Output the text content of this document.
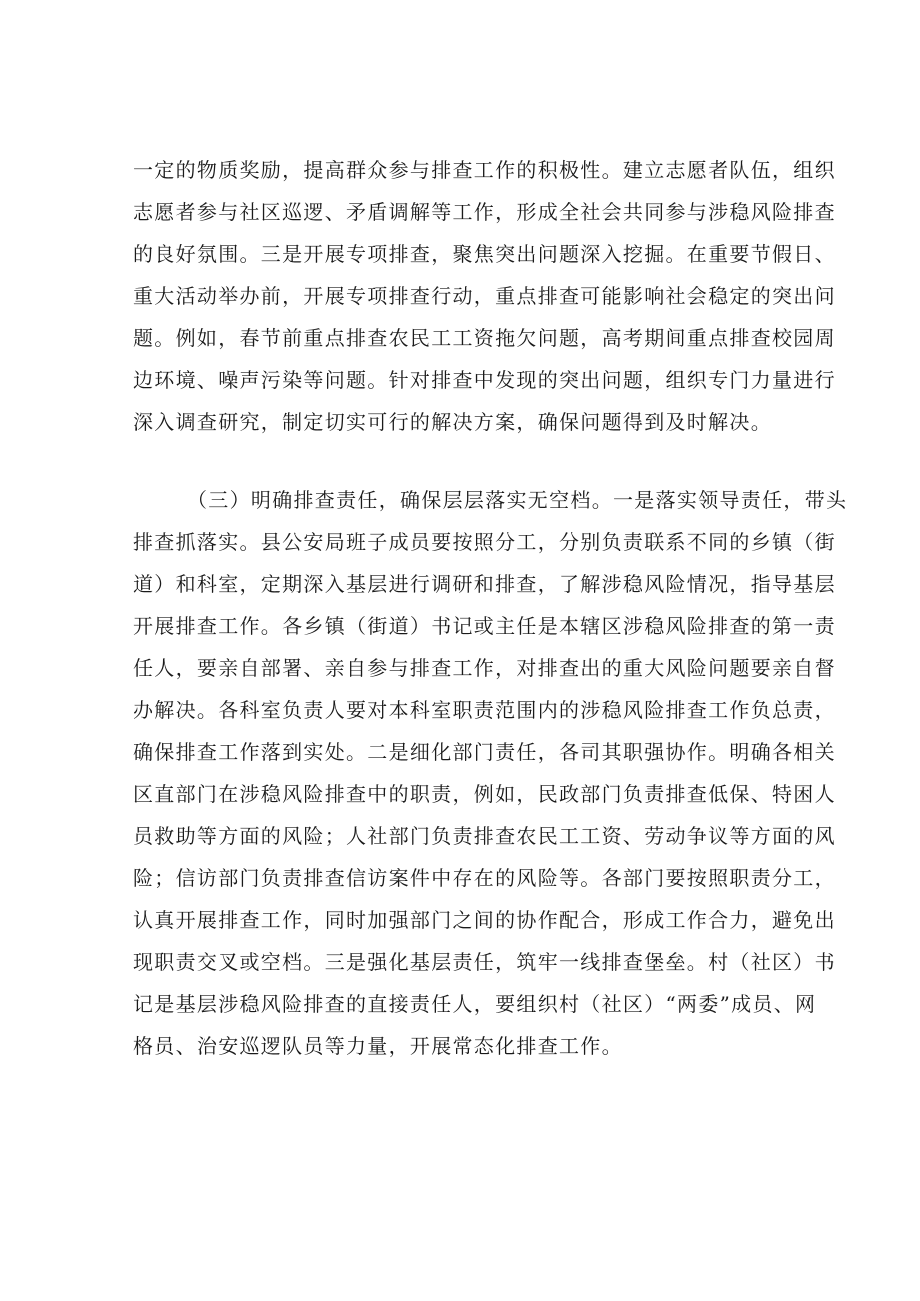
一定的物质奖励，提高群众参与排查工作的积极性。建立志愿者队伍，组织
志愿者参与社区巡逻、矛盾调解等工作，形成全社会共同参与涉稳风险排查
的良好氛围。三是开展专项排查，聚焦突出问题深入挖掘。在重要节假日、
重大活动举办前，开展专项排查行动，重点排查可能影响社会稳定的突出问
题。例如，春节前重点排查农民工工资拖欠问题，高考期间重点排查校园周
边环境、噪声污染等问题。针对排查中发现的突出问题，组织专门力量进行
深入调查研究，制定切实可行的解决方案，确保问题得到及时解决。
（三）明确排查责任，确保层层落实无空档。一是落实领导责任，带头
排查抓落实。县公安局班子成员要按照分工，分别负责联系不同的乡镇（街
道）和科室，定期深入基层进行调研和排查，了解涉稳风险情况，指导基层
开展排查工作。各乡镇（街道）书记或主任是本辖区涉稳风险排查的第一责
任人，要亲自部署、亲自参与排查工作，对排查出的重大风险问题要亲自督
办解决。各科室负责人要对本科室职责范围内的涉稳风险排查工作负总责，
确保排查工作落到实处。二是细化部门责任，各司其职强协作。明确各相关
区直部门在涉稳风险排查中的职责，例如，民政部门负责排查低保、特困人
员救助等方面的风险；人社部门负责排查农民工工资、劳动争议等方面的风
险；信访部门负责排查信访案件中存在的风险等。各部门要按照职责分工，
认真开展排查工作，同时加强部门之间的协作配合，形成工作合力，避免出
现职责交叉或空档。三是强化基层责任，筑牢一线排查堡垒。村（社区）书
记是基层涉稳风险排查的直接责任人，要组织村（社区）“两委”成员、网
格员、治安巡逻队员等力量，开展常态化排查工作。
